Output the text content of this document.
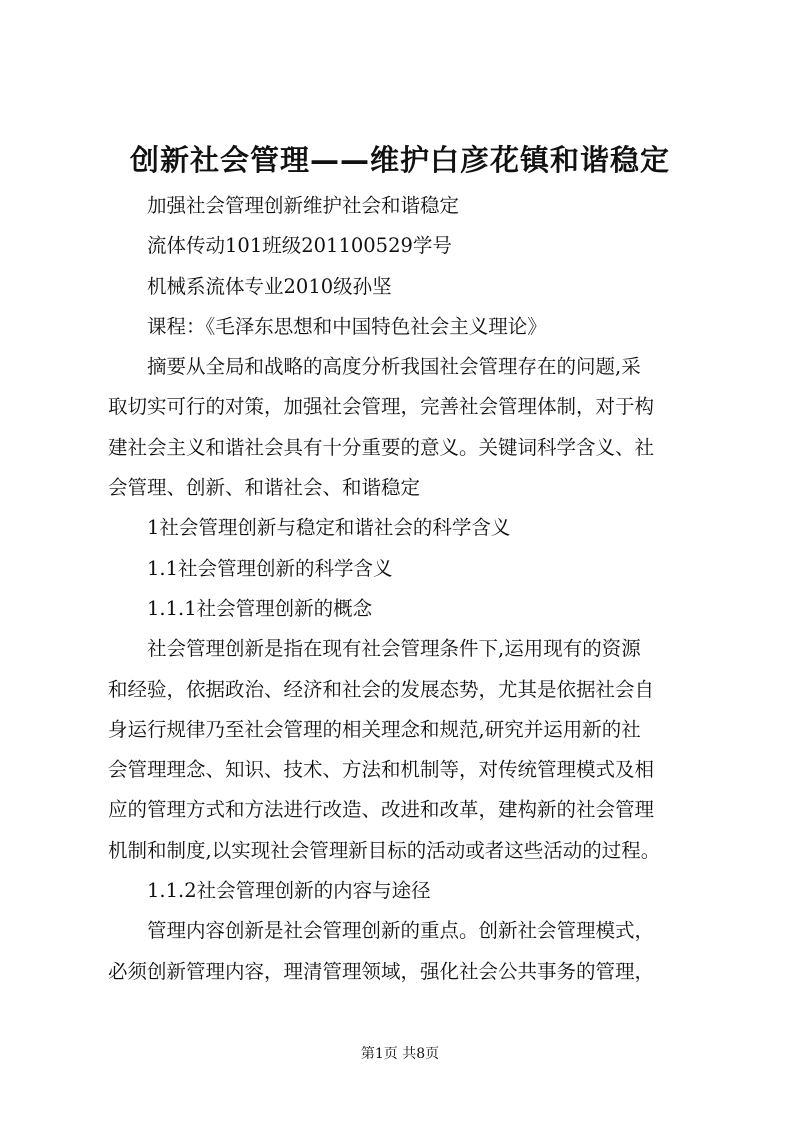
创新社会管理——维护白彦花镇和谐稳定
加强社会管理创新维护社会和谐稳定
流体传动101班级201100529学号
机械系流体专业2010级孙坚
课程：《毛泽东思想和中国特色社会主义理论》
摘要从全局和战略的高度分析我国社会管理存在的问题,采
取切实可行的对策，加强社会管理，完善社会管理体制，对于构
建社会主义和谐社会具有十分重要的意义。关键词科学含义、社
会管理、创新、和谐社会、和谐稳定
1社会管理创新与稳定和谐社会的科学含义
1.1社会管理创新的科学含义
1.1.1社会管理创新的概念
社会管理创新是指在现有社会管理条件下,运用现有的资源
和经验，依据政治、经济和社会的发展态势，尤其是依据社会自
身运行规律乃至社会管理的相关理念和规范,研究并运用新的社
会管理理念、知识、技术、方法和机制等，对传统管理模式及相
应的管理方式和方法进行改造、改进和改革，建构新的社会管理
机制和制度,以实现社会管理新目标的活动或者这些活动的过程。
1.1.2社会管理创新的内容与途径
管理内容创新是社会管理创新的重点。创新社会管理模式，
必须创新管理内容，理清管理领域，强化社会公共事务的管理，
第1页 共8页
